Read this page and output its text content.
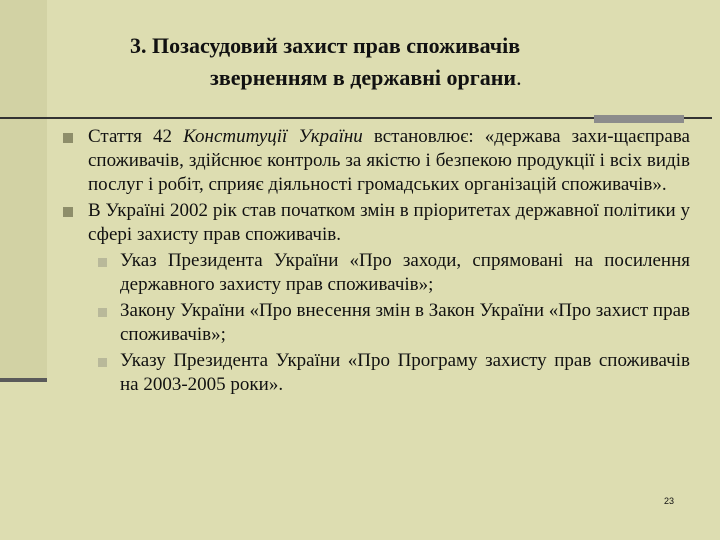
3. Позасудовий захист прав споживачів
зверненням в державні органи.
Стаття 42 Конституції України встановлює: «держава захи-щаєправа споживачів, здійснює контроль за якістю і безпекою продукції і всіх видів послуг і робіт, сприяє діяльності громадських організацій споживачів».
В Україні 2002 рік став початком змін в пріоритетах державної політики у сфері захисту прав споживачів.
Указ Президента України «Про заходи, спрямовані на посилення державного захисту прав споживачів»;
Закону України «Про внесення змін в Закон України «Про захист прав споживачів»;
Указу Президента України «Про Програму захисту прав споживачів на 2003-2005 роки».
23
